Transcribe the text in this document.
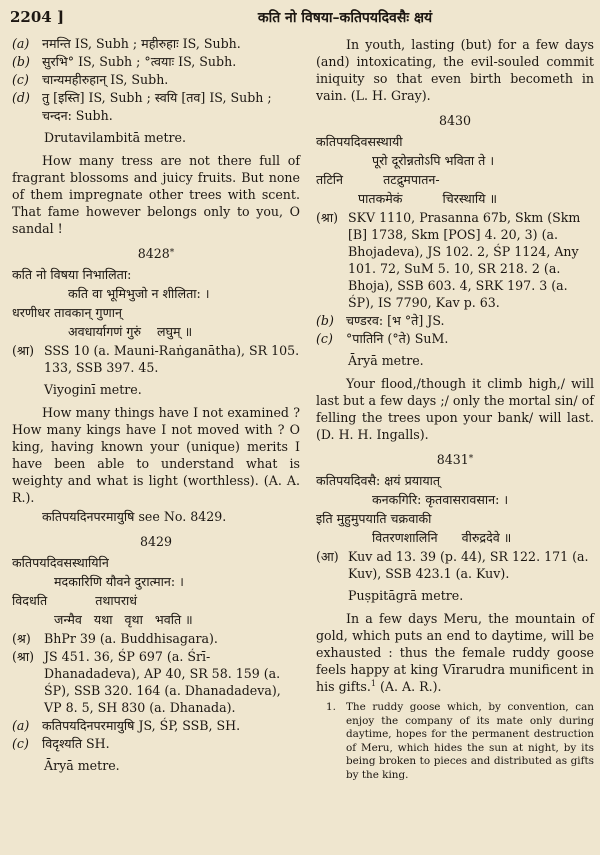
2204 ]	कति नो विषया–कतिपयदिवसैः क्षयं
(a) नमन्ति IS, Subh ; महीरुहाः IS, Subh.
(b) सुरभि° IS, Subh ; °त्वयाः IS, Subh.
(c) चान्यमहीरुहान् IS, Subh.
(d) तु [इस्ति] IS, Subh ; स्वयि [तव] IS, Subh ;
चन्दन: Subh.
Drutavilambitā metre.
How many tress are not there full of fragrant blossoms and juicy fruits. But none of them impregnate other trees with scent. That fame however belongs only to you, O sandal !
8428*
कति नो विषया निभालिता:
कति वा भूमिभुजो न शीलिता: ।
धरणीधर तावकान् गुणान्
अवधार्यागणं गुरुं लघुम् ॥
(श्रा) SSS 10 (a. Mauni-Raṅganātha), SR 105. 133, SSB 397. 45.
Viyoginī metre.
How many things have I not examined ? How many kings have I not moved with ? O king, having known your (unique) merits I have been able to understand what is weighty and what is light (worthless). (A. A. R.).
कतिपयदिनपरमायुषि see No. 8429.
8429
कतिपयदिवसस्थायिनि
मदकारिणि यौवने दुरात्मान: ।
विदधति	तथापराधं
जन्मैव यथा वृथा भवति ॥
(श्र) BhPr 39 (a. Buddhisagara).
(श्रा) JS 451. 36, ŚP 697 (a. Śrī-Dhanadadeva), AP 40, SR 58. 159 (a. ŚP), SSB 320. 164 (a. Dhanadadeva), VP 8. 5, SH 830 (a. Dhanada).
(a) कतिपयदिनपरमायुषि JS, ŚP, SSB, SH.
(c) विदृश्यति SH.
Āryā metre.
In youth, lasting (but) for a few days (and) intoxicating, the evil-souled commit iniquity so that even birth becometh in vain. (L. H. Gray).
8430
कतिपयदिवसस्थायी
पूरो दूरोन्नतोऽपि भविता ते ।
तटिनि	तटद्रुमपातन-
पातकमेकं	चिरस्थायि ॥
(श्रा) SKV 1110, Prasanna 67b, Skm (Skm [B] 1738, Skm [POS] 4. 20, 3) (a. Bhojadeva), JS 102. 2, ŚP 1124, Any 101. 72, SuM 5. 10, SR 218. 2 (a. Bhoja), SSB 603. 4, SRK 197. 3 (a. ŚP), IS 7790, Kav p. 63.
(b) चण्डरव: [भ °ते] JS.
(c) °पातिनि (°ते) SuM.
Āryā metre.
Your flood,/though it climb high,/ will last but a few days ;/ only the mortal sin/ of felling the trees upon your bank/ will last. (D. H. H. Ingalls).
8431*
कतिपयदिवसै: क्षयं प्रयायात्
कनकगिरि: कृतवासरावसान: ।
इति मुहुमुपयाति चक्रवाकी
वितरणशालिनि वीरुद्रदेवे ॥
(आ) Kuv ad 13. 39 (p. 44), SR 122. 171 (a. Kuv), SSB 423.1 (a. Kuv).
Puṣpitāgrā metre.
In a few days Meru, the mountain of gold, which puts an end to daytime, will be exhausted : thus the female ruddy goose feels happy at king Vīrarudra munificent in his gifts.$^1$ (A. A. R.).
1. The ruddy goose which, by convention, can enjoy the company of its mate only during daytime, hopes for the permanent destruction of Meru, which hides the sun at night, by its being broken to pieces and distributed as gifts by the king.
